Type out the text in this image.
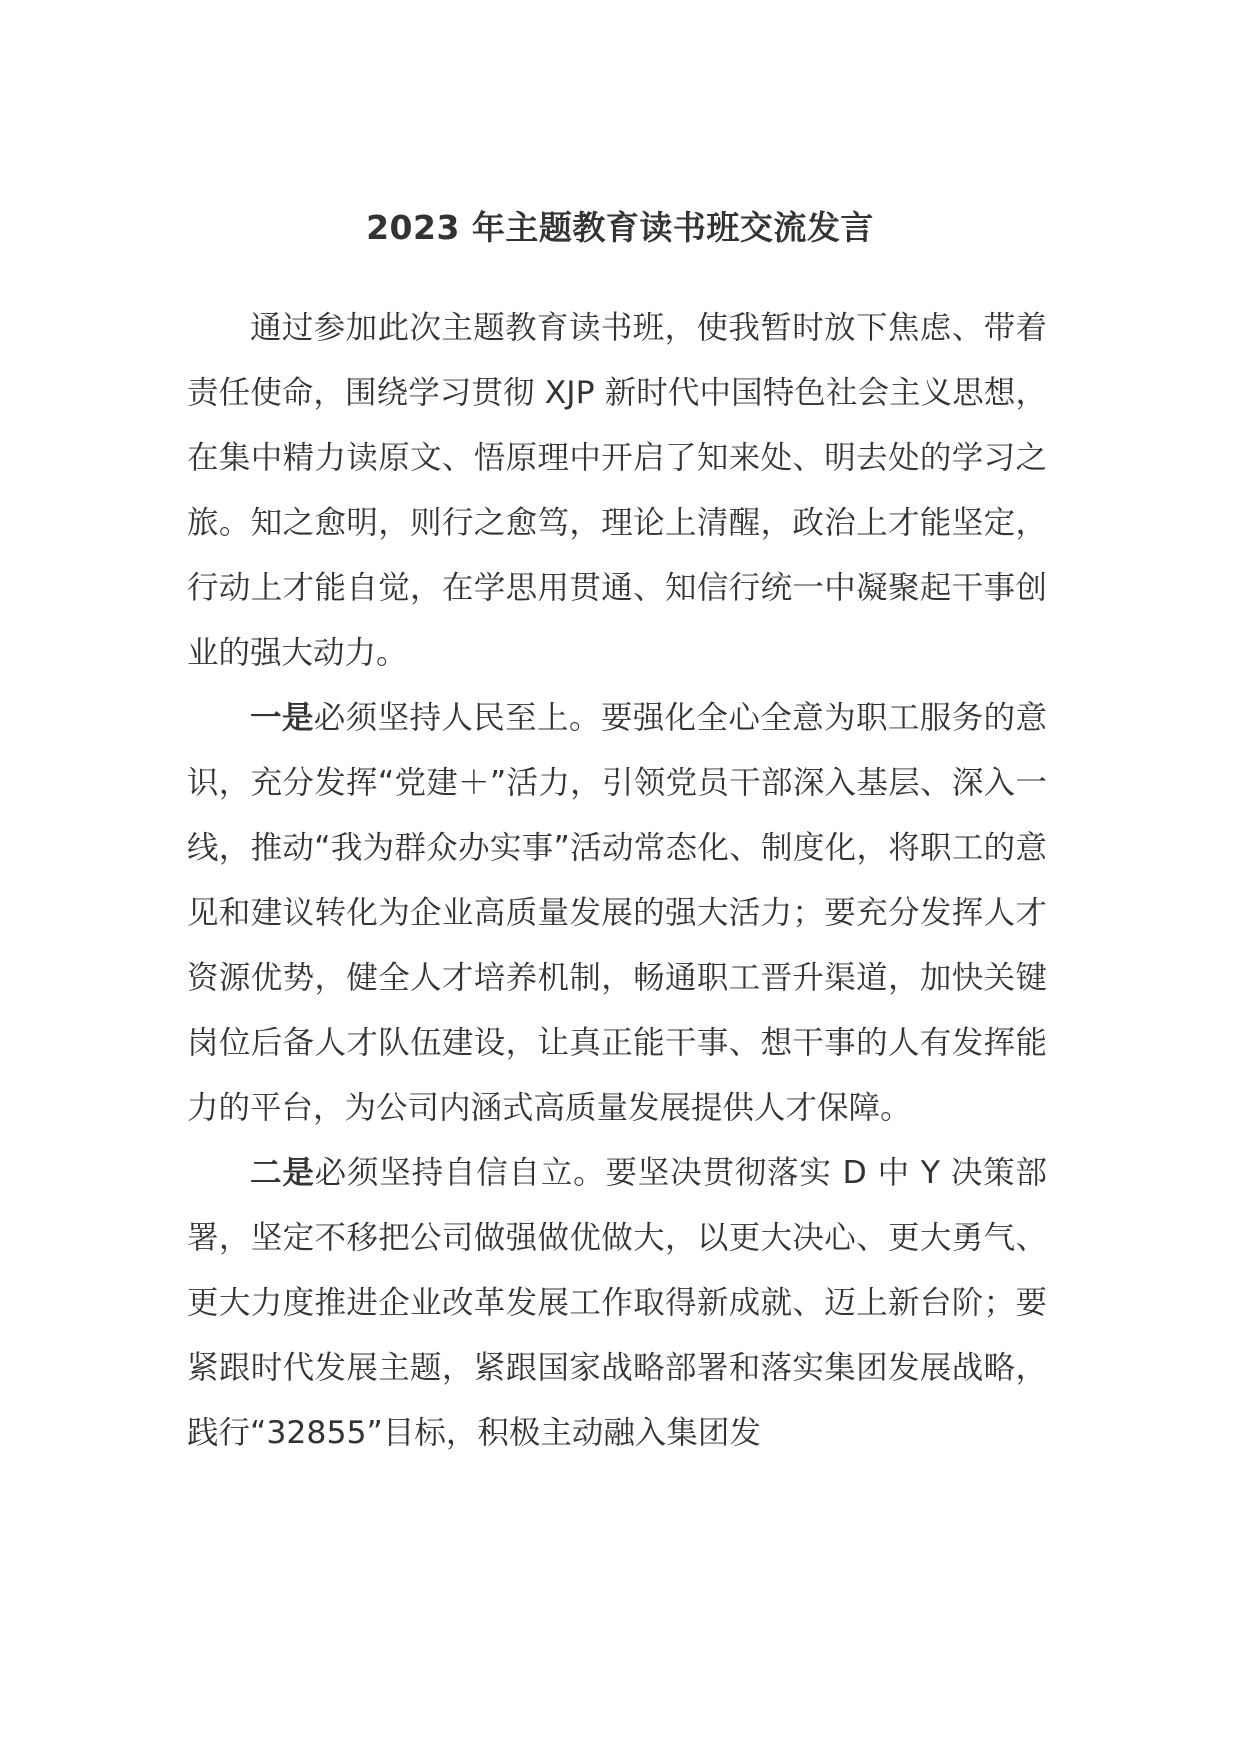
2023 年主题教育读书班交流发言

通过参加此次主题教育读书班，使我暂时放下焦虑、带着责任使命，围绕学习贯彻 XJP 新时代中国特色社会主义思想，在集中精力读原文、悟原理中开启了知来处、明去处的学习之旅。知之愈明，则行之愈笃，理论上清醒，政治上才能坚定，行动上才能自觉，在学思用贯通、知信行统一中凝聚起干事创业的强大动力。

一是必须坚持人民至上。要强化全心全意为职工服务的意识，充分发挥“党建＋”活力，引领党员干部深入基层、深入一线，推动“我为群众办实事”活动常态化、制度化，将职工的意见和建议转化为企业高质量发展的强大活力；要充分发挥人才资源优势，健全人才培养机制，畅通职工晋升渠道，加快关键岗位后备人才队伍建设，让真正能干事、想干事的人有发挥能力的平台，为公司内涵式高质量发展提供人才保障。

二是必须坚持自信自立。要坚决贯彻落实 D 中 Y 决策部署，坚定不移把公司做强做优做大，以更大决心、更大勇气、更大力度推进企业改革发展工作取得新成就、迈上新台阶；要紧跟时代发展主题，紧跟国家战略部署和落实集团发展战略，践行“32855”目标，积极主动融入集团发
